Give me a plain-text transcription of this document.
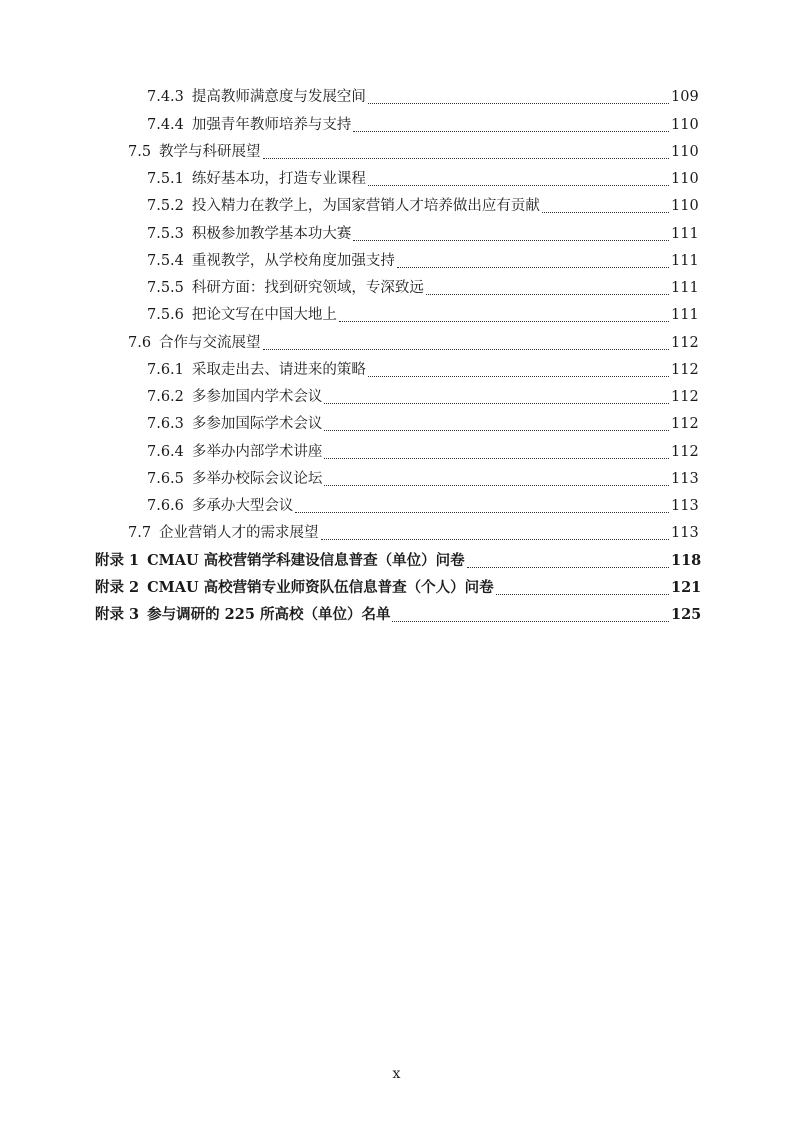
7.4.3 提高教师满意度与发展空间	109
7.4.4 加强青年教师培养与支持	110
7.5 教学与科研展望	110
7.5.1 练好基本功，打造专业课程	110
7.5.2 投入精力在教学上，为国家营销人才培养做出应有贡献	110
7.5.3 积极参加教学基本功大赛	111
7.5.4 重视教学，从学校角度加强支持	111
7.5.5 科研方面：找到研究领域，专深致远	111
7.5.6 把论文写在中国大地上	111
7.6 合作与交流展望	112
7.6.1 采取走出去、请进来的策略	112
7.6.2 多参加国内学术会议	112
7.6.3 多参加国际学术会议	112
7.6.4 多举办内部学术讲座	112
7.6.5 多举办校际会议论坛	113
7.6.6 多承办大型会议	113
7.7 企业营销人才的需求展望	113
附录 1 CMAU 高校营销学科建设信息普查（单位）问卷	118
附录 2 CMAU 高校营销专业师资队伍信息普查（个人）问卷	121
附录 3 参与调研的 225 所高校（单位）名单	125
x
